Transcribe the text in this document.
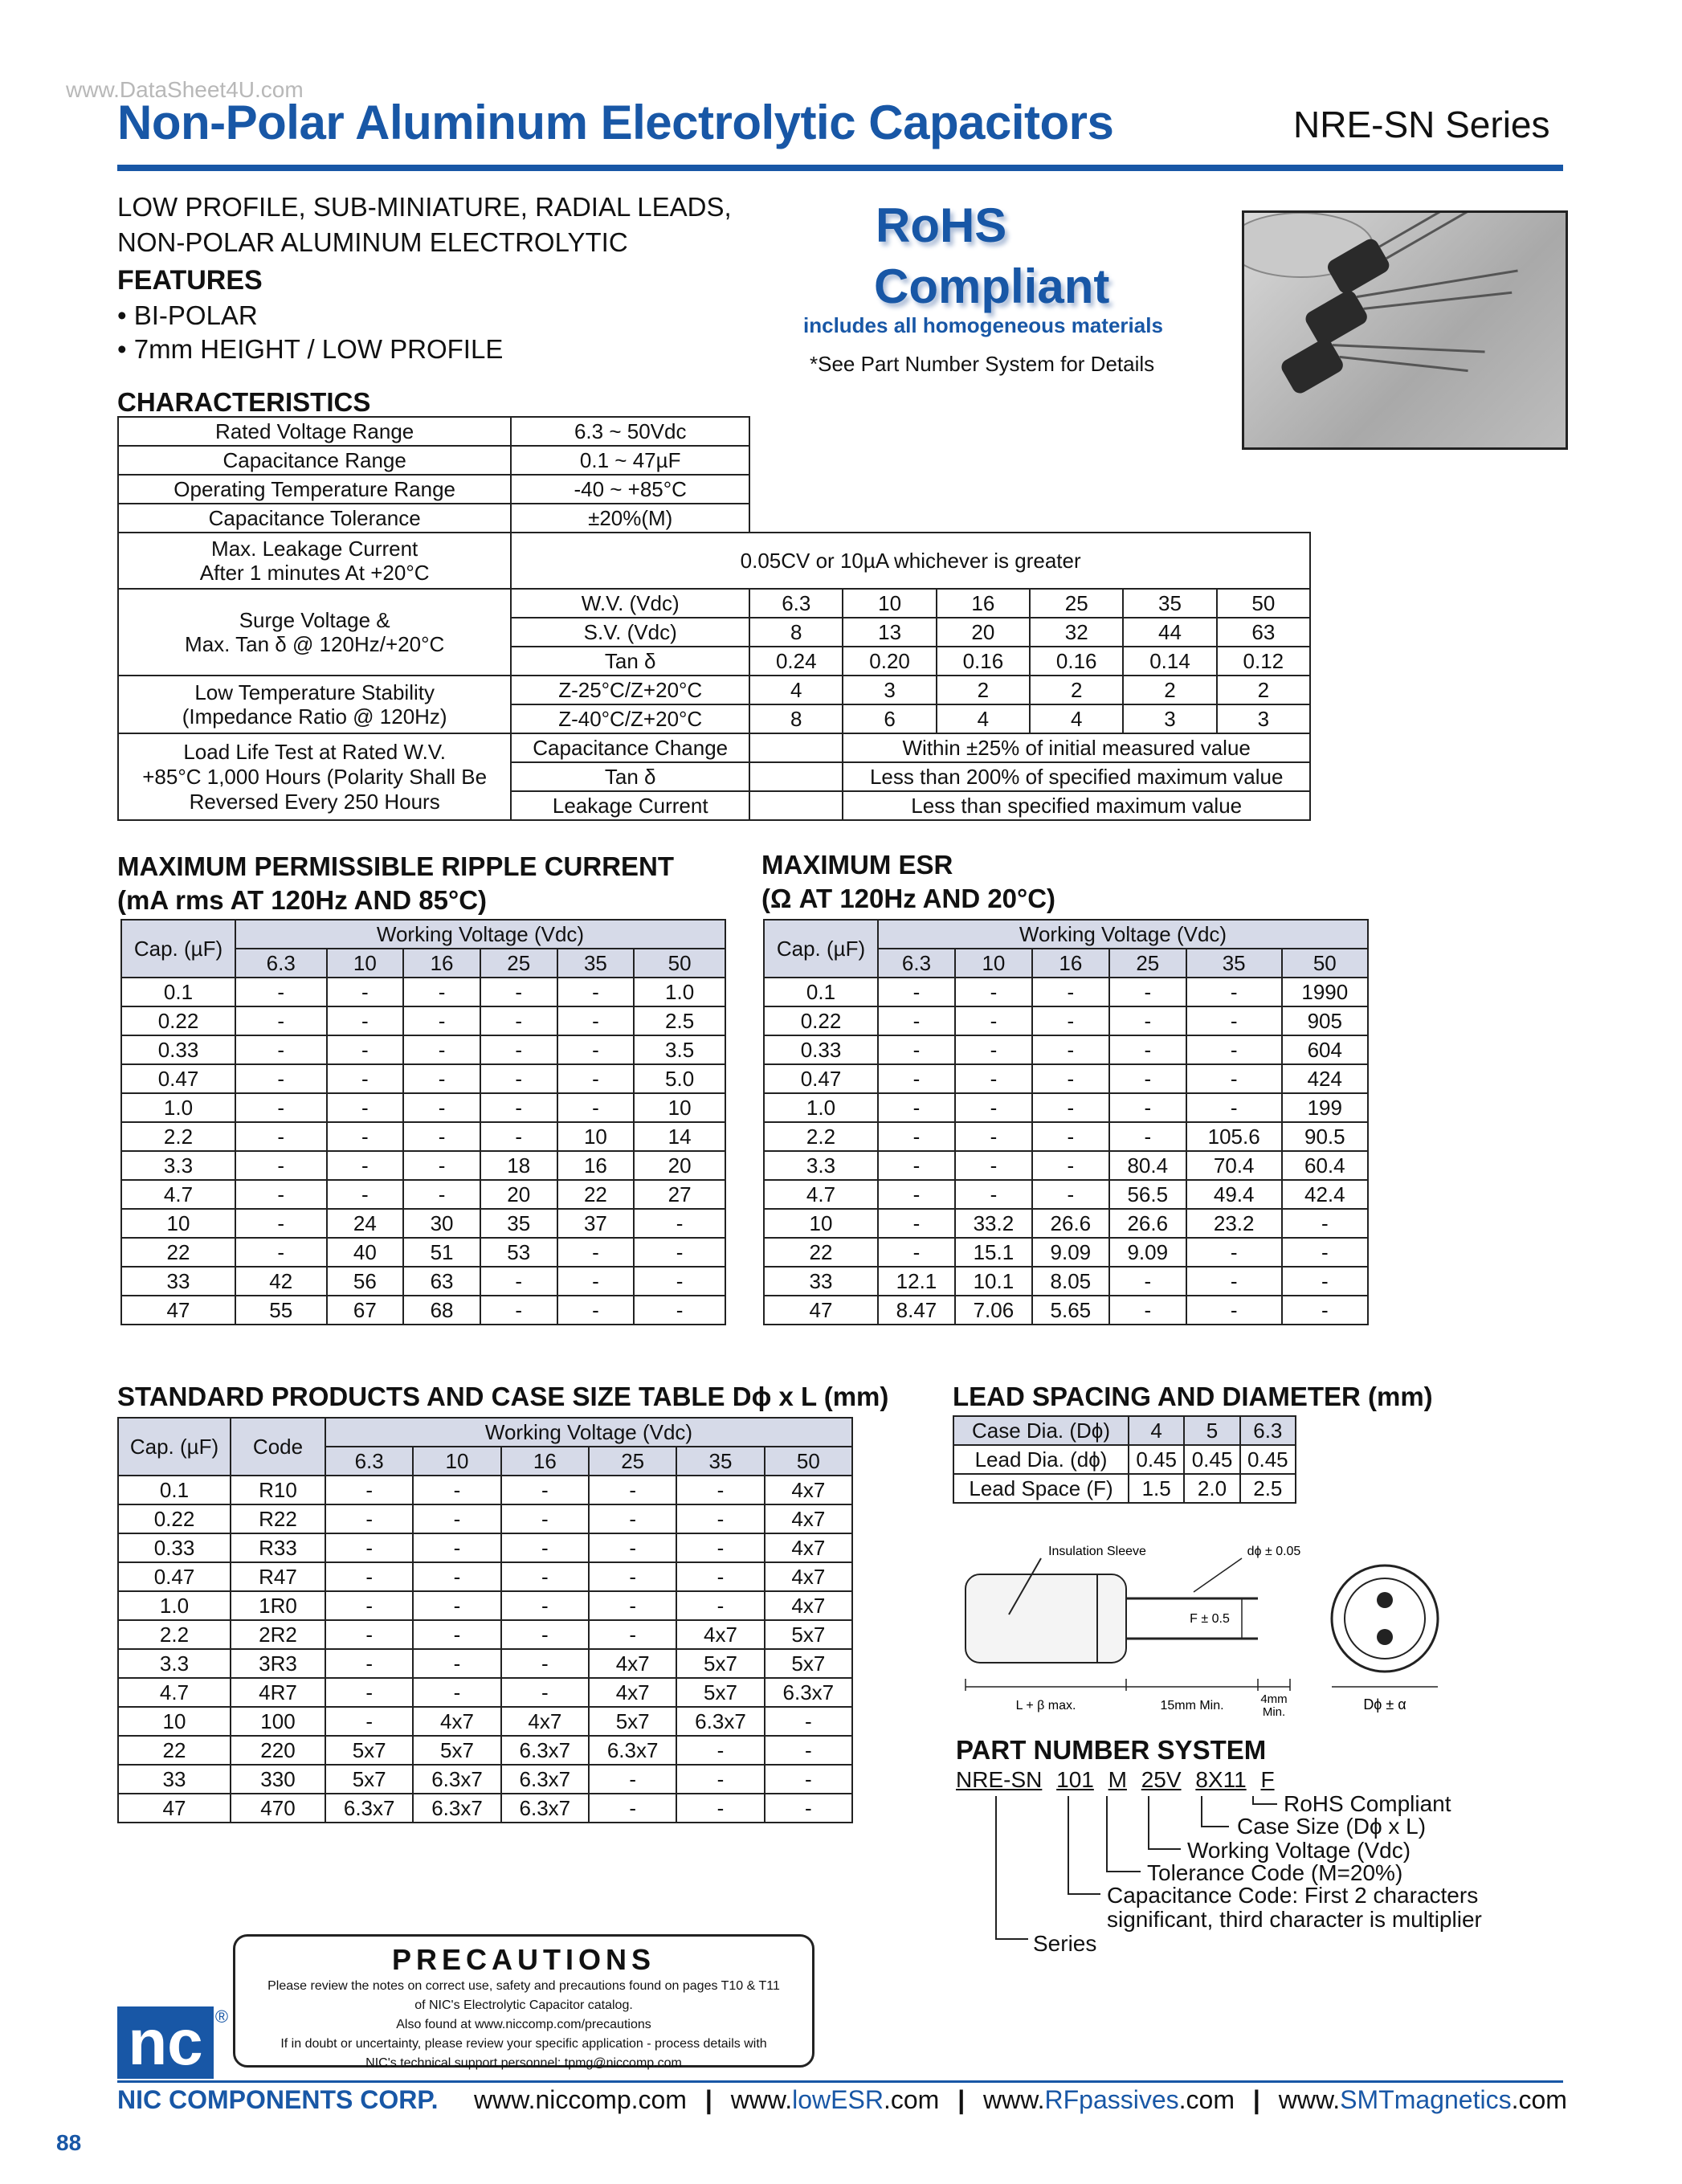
www.DataSheet4U.com
Non-Polar Aluminum Electrolytic Capacitors	NRE-SN Series
LOW PROFILE, SUB-MINIATURE, RADIAL LEADS,
NON-POLAR ALUMINUM ELECTROLYTIC
FEATURES
• BI-POLAR
• 7mm HEIGHT / LOW PROFILE
RoHS
Compliant
includes all homogeneous materials
*See Part Number System for Details
CHARACTERISTICS
Rated Voltage Range	6.3 ~ 50Vdc						
Capacitance Range	0.1 ~ 47µF						
Operating Temperature Range	-40 ~ +85°C						
Capacitance Tolerance	±20%(M)						

Max. Leakage Current
After 1 minutes At +20°C	0.05CV or 10µA whichever is greater						

Surge Voltage &
Max. Tan δ @ 120Hz/+20°C	W.V. (Vdc)	6.3	10	16	25	35	50
	S.V. (Vdc)	8	13	20	32	44	63
	Tan δ	0.24	0.20	0.16	0.16	0.14	0.12

Low Temperature Stability
(Impedance Ratio @ 120Hz)	Z-25°C/Z+20°C	4	3	2	2	2	2
	Z-40°C/Z+20°C	8	6	4	4	3	3

Load Life Test at Rated W.V.
+85°C 1,000 Hours (Polarity Shall Be
Reversed Every 250 Hours	Capacitance Change		Within ±25% of initial measured value				
	Tan δ		Less than 200% of specified maximum value				
	Leakage Current		Less than specified maximum value				
MAXIMUM PERMISSIBLE RIPPLE CURRENT
(mA rms AT 120Hz AND 85°C)
Cap. (µF)	Working Voltage (Vdc)					
	6.3	10	16	25	35	50
0.1	-	-	-	-	-	1.0
0.22	-	-	-	-	-	2.5
0.33	-	-	-	-	-	3.5
0.47	-	-	-	-	-	5.0
1.0	-	-	-	-	-	10
2.2	-	-	-	-	10	14
3.3	-	-	-	18	16	20
4.7	-	-	-	20	22	27
10	-	24	30	35	37	-
22	-	40	51	53	-	-
33	42	56	63	-	-	-
47	55	67	68	-	-	-
MAXIMUM ESR
(Ω AT 120Hz AND 20°C)
Cap. (µF)	Working Voltage (Vdc)					
	6.3	10	16	25	35	50
0.1	-	-	-	-	-	1990
0.22	-	-	-	-	-	905
0.33	-	-	-	-	-	604
0.47	-	-	-	-	-	424
1.0	-	-	-	-	-	199
2.2	-	-	-	-	105.6	90.5
3.3	-	-	-	80.4	70.4	60.4
4.7	-	-	-	56.5	49.4	42.4
10	-	33.2	26.6	26.6	23.2	-
22	-	15.1	9.09	9.09	-	-
33	12.1	10.1	8.05	-	-	-
47	8.47	7.06	5.65	-	-	-
STANDARD PRODUCTS AND CASE SIZE TABLE Dϕ x L (mm)
Cap. (µF)	Code	Working Voltage (Vdc)					
		6.3	10	16	25	35	50
0.1	R10	-	-	-	-	-	4x7
0.22	R22	-	-	-	-	-	4x7
0.33	R33	-	-	-	-	-	4x7
0.47	R47	-	-	-	-	-	4x7
1.0	1R0	-	-	-	-	-	4x7
2.2	2R2	-	-	-	-	4x7	5x7
3.3	3R3	-	-	-	4x7	5x7	5x7
4.7	4R7	-	-	-	4x7	5x7	6.3x7
10	100	-	4x7	4x7	5x7	6.3x7	-
22	220	5x7	5x7	6.3x7	6.3x7	-	-
33	330	5x7	6.3x7	6.3x7	-	-	-
47	470	6.3x7	6.3x7	6.3x7	-	-	-
LEAD SPACING AND DIAMETER (mm)
Case Dia. (Dϕ)	4	5	6.3
Lead Dia. (dϕ)	0.45	0.45	0.45
Lead Space (F)	1.5	2.0	2.5
Insulation Sleeve	dϕ ± 0.05
F ± 0.5
L + β max.	15mm Min.	4mm
Min.	Dϕ ± α
PART NUMBER SYSTEM
NRE-SN 101 M 25V 8X11 F
RoHS Compliant
Case Size (Dϕ x L)
Working Voltage (Vdc)
Tolerance Code (M=20%)
Capacitance Code: First 2 characters
significant, third character is multiplier
Series
PRECAUTIONS
Please review the notes on correct use, safety and precautions found on pages T10 & T11
of NIC's Electrolytic Capacitor catalog.
Also found at www.niccomp.com/precautions
If in doubt or uncertainty, please review your specific application - process details with
NIC's technical support personnel: tpmg@niccomp.com
nc ®
NIC COMPONENTS CORP. www.niccomp.com | www.lowESR.com | www.RFpassives.com | www.SMTmagnetics.com
88
